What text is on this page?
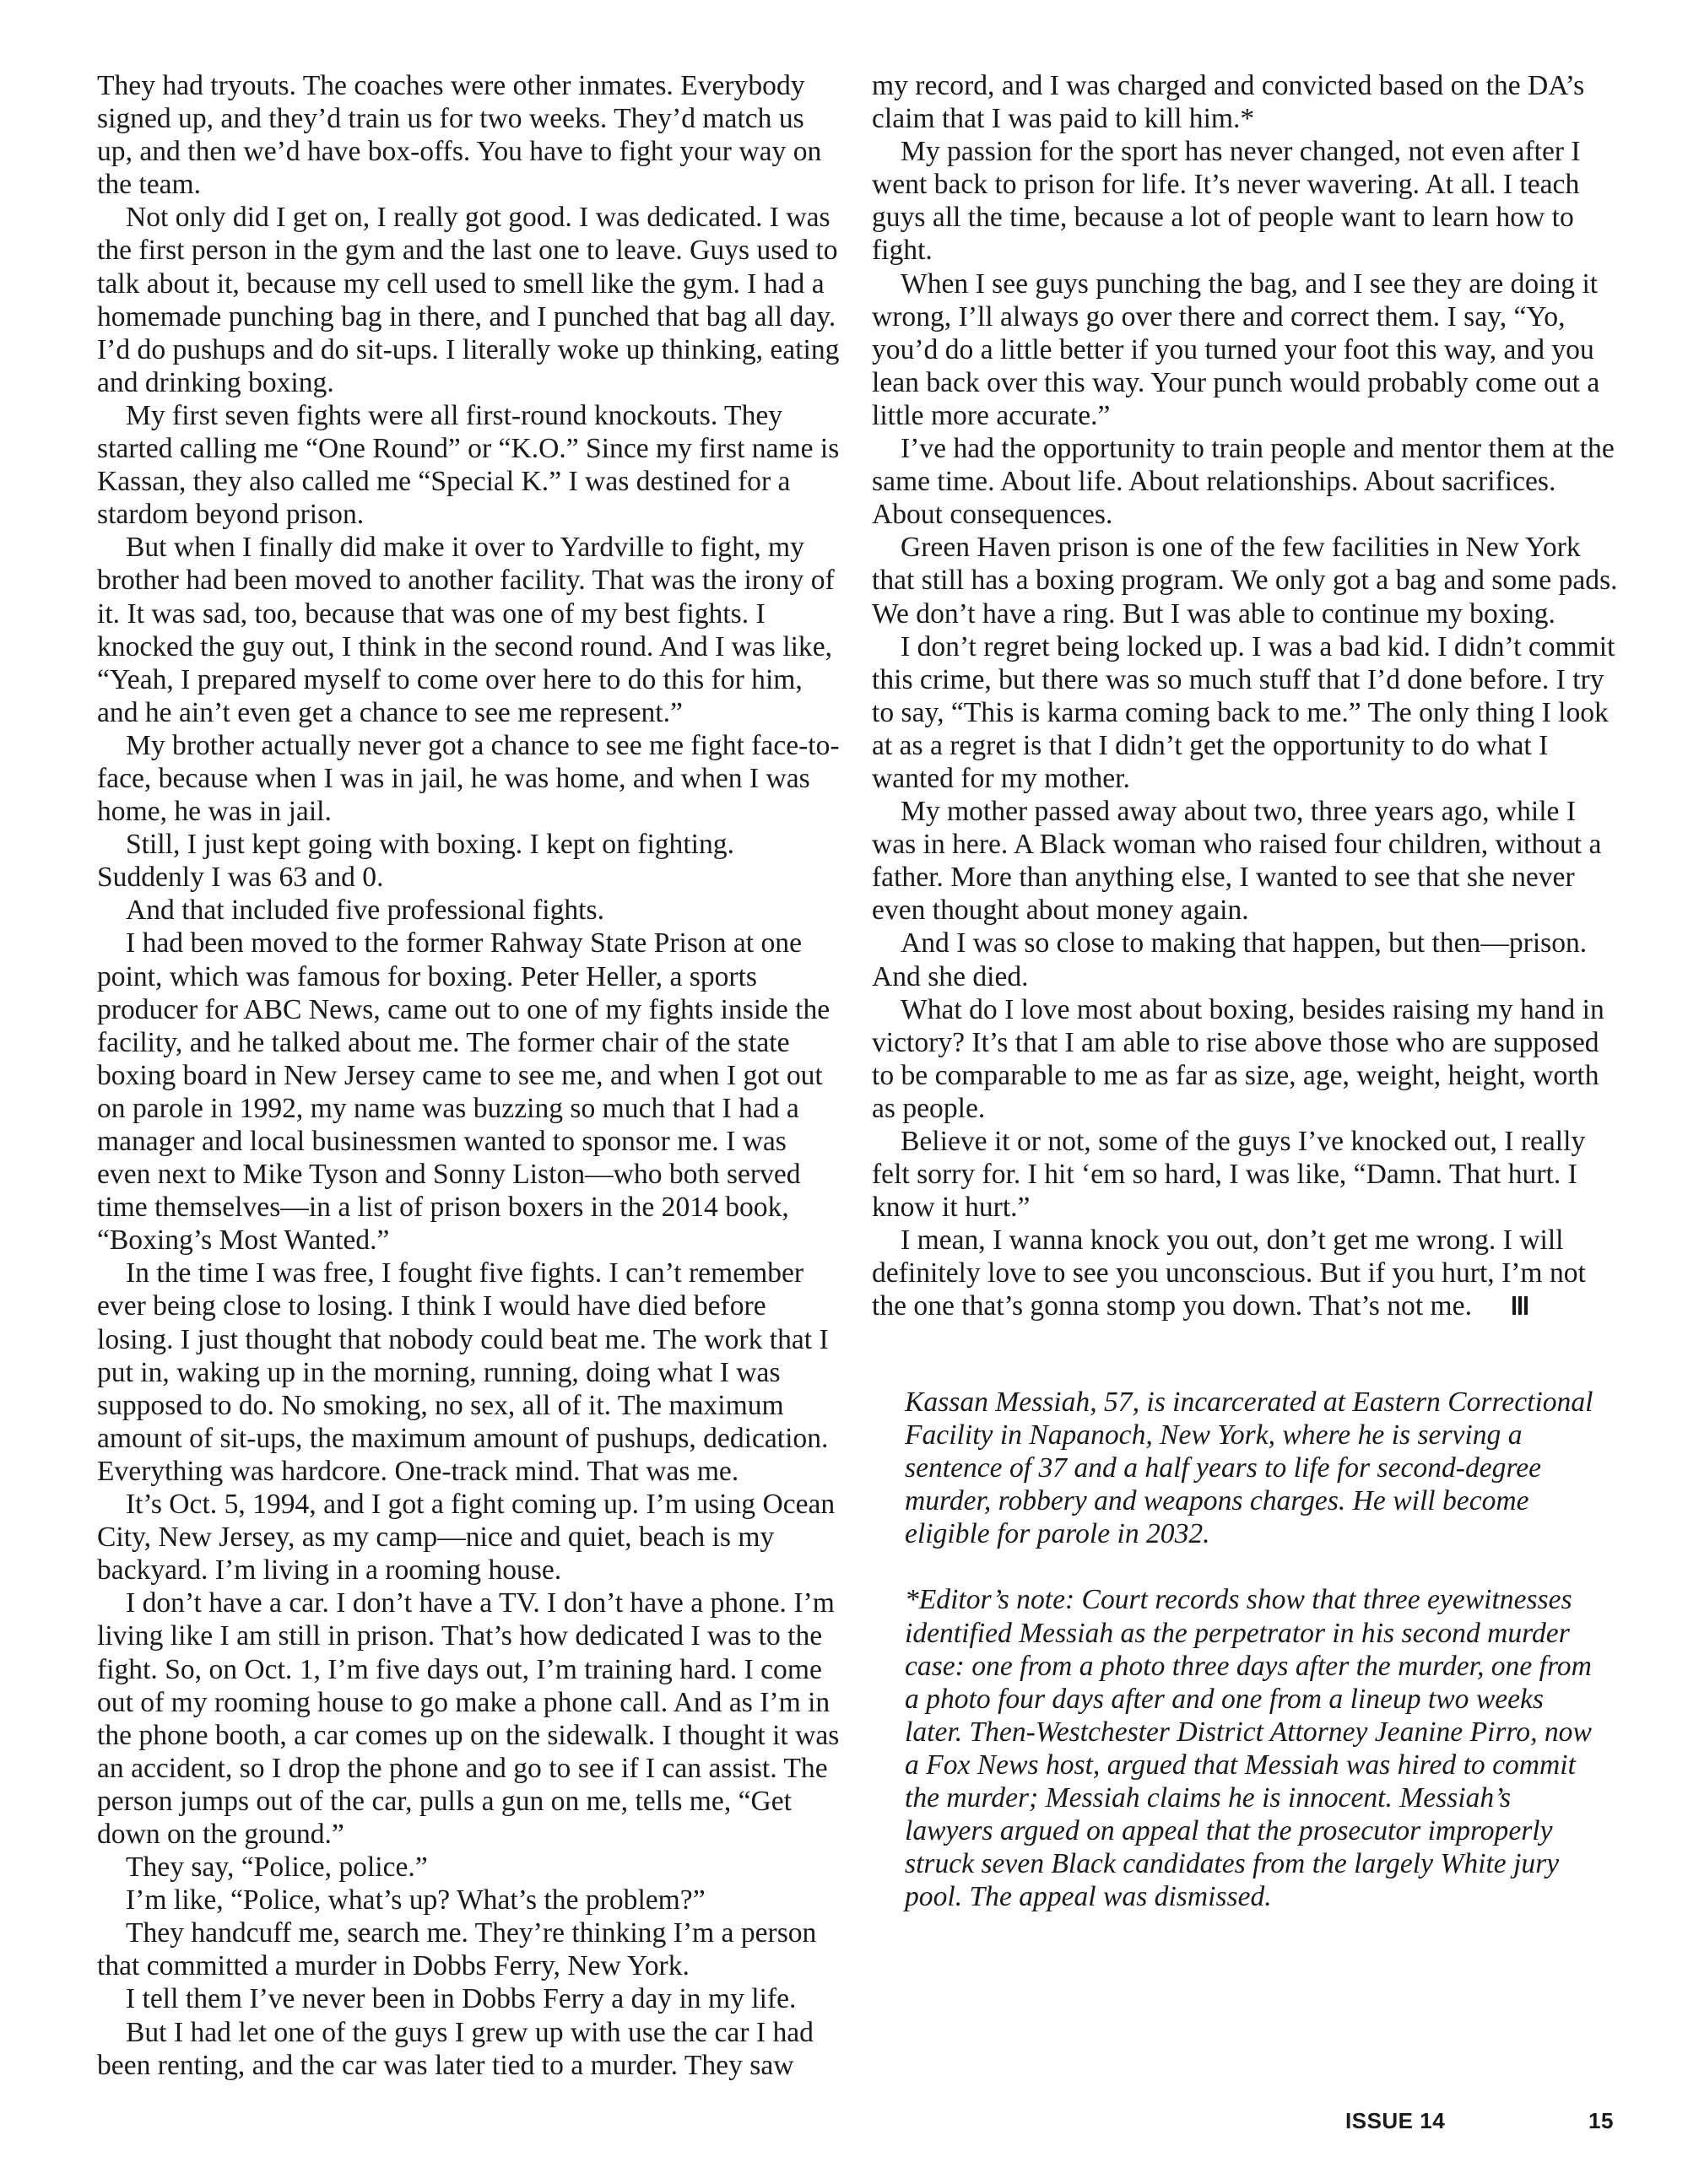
They had tryouts. The coaches were other inmates. Everybody signed up, and they’d train us for two weeks. They’d match us up, and then we’d have box-offs. You have to fight your way on the team.

Not only did I get on, I really got good. I was dedicated. I was the first person in the gym and the last one to leave. Guys used to talk about it, because my cell used to smell like the gym. I had a homemade punching bag in there, and I punched that bag all day. I’d do pushups and do sit-ups. I literally woke up thinking, eating and drinking boxing.

My first seven fights were all first-round knockouts. They started calling me “One Round” or “K.O.” Since my first name is Kassan, they also called me “Special K.” I was destined for a stardom beyond prison.

But when I finally did make it over to Yardville to fight, my brother had been moved to another facility. That was the irony of it. It was sad, too, because that was one of my best fights. I knocked the guy out, I think in the second round. And I was like, “Yeah, I prepared myself to come over here to do this for him, and he ain’t even get a chance to see me represent.”

My brother actually never got a chance to see me fight face-to-face, because when I was in jail, he was home, and when I was home, he was in jail.

Still, I just kept going with boxing. I kept on fighting. Suddenly I was 63 and 0.

And that included five professional fights.

I had been moved to the former Rahway State Prison at one point, which was famous for boxing. Peter Heller, a sports producer for ABC News, came out to one of my fights inside the facility, and he talked about me. The former chair of the state boxing board in New Jersey came to see me, and when I got out on parole in 1992, my name was buzzing so much that I had a manager and local businessmen wanted to sponsor me. I was even next to Mike Tyson and Sonny Liston—who both served time themselves—in a list of prison boxers in the 2014 book, “Boxing’s Most Wanted.”

In the time I was free, I fought five fights. I can’t remember ever being close to losing. I think I would have died before losing. I just thought that nobody could beat me. The work that I put in, waking up in the morning, running, doing what I was supposed to do. No smoking, no sex, all of it. The maximum amount of sit-ups, the maximum amount of pushups, dedication. Everything was hardcore. One-track mind. That was me.

It’s Oct. 5, 1994, and I got a fight coming up. I’m using Ocean City, New Jersey, as my camp—nice and quiet, beach is my backyard. I’m living in a rooming house.

I don’t have a car. I don’t have a TV. I don’t have a phone. I’m living like I am still in prison. That’s how dedicated I was to the fight. So, on Oct. 1, I’m five days out, I’m training hard. I come out of my rooming house to go make a phone call. And as I’m in the phone booth, a car comes up on the sidewalk. I thought it was an accident, so I drop the phone and go to see if I can assist. The person jumps out of the car, pulls a gun on me, tells me, “Get down on the ground.”

They say, “Police, police.”

I’m like, “Police, what’s up? What’s the problem?”

They handcuff me, search me. They’re thinking I’m a person that committed a murder in Dobbs Ferry, New York.

I tell them I’ve never been in Dobbs Ferry a day in my life.

But I had let one of the guys I grew up with use the car I had been renting, and the car was later tied to a murder. They saw

my record, and I was charged and convicted based on the DA’s claim that I was paid to kill him.*

My passion for the sport has never changed, not even after I went back to prison for life. It’s never wavering. At all. I teach guys all the time, because a lot of people want to learn how to fight.

When I see guys punching the bag, and I see they are doing it wrong, I’ll always go over there and correct them. I say, “Yo, you’d do a little better if you turned your foot this way, and you lean back over this way. Your punch would probably come out a little more accurate.”

I’ve had the opportunity to train people and mentor them at the same time. About life. About relationships. About sacrifices. About consequences.

Green Haven prison is one of the few facilities in New York that still has a boxing program. We only got a bag and some pads. We don’t have a ring. But I was able to continue my boxing.

I don’t regret being locked up. I was a bad kid. I didn’t commit this crime, but there was so much stuff that I’d done before. I try to say, “This is karma coming back to me.” The only thing I look at as a regret is that I didn’t get the opportunity to do what I wanted for my mother.

My mother passed away about two, three years ago, while I was in here. A Black woman who raised four children, without a father. More than anything else, I wanted to see that she never even thought about money again.

And I was so close to making that happen, but then—prison. And she died.

What do I love most about boxing, besides raising my hand in victory? It’s that I am able to rise above those who are supposed to be comparable to me as far as size, age, weight, height, worth as people.

Believe it or not, some of the guys I’ve knocked out, I really felt sorry for. I hit ‘em so hard, I was like, “Damn. That hurt. I know it hurt.”

I mean, I wanna knock you out, don’t get me wrong. I will definitely love to see you unconscious. But if you hurt, I’m not the one that’s gonna stomp you down. That’s not me.

Kassan Messiah, 57, is incarcerated at Eastern Correctional Facility in Napanoch, New York, where he is serving a sentence of 37 and a half years to life for second-degree murder, robbery and weapons charges. He will become eligible for parole in 2032.

*Editor’s note: Court records show that three eyewitnesses identified Messiah as the perpetrator in his second murder case: one from a photo three days after the murder, one from a photo four days after and one from a lineup two weeks later. Then-Westchester District Attorney Jeanine Pirro, now a Fox News host, argued that Messiah was hired to commit the murder; Messiah claims he is innocent. Messiah’s lawyers argued on appeal that the prosecutor improperly struck seven Black candidates from the largely White jury pool. The appeal was dismissed.

ISSUE 14	15
